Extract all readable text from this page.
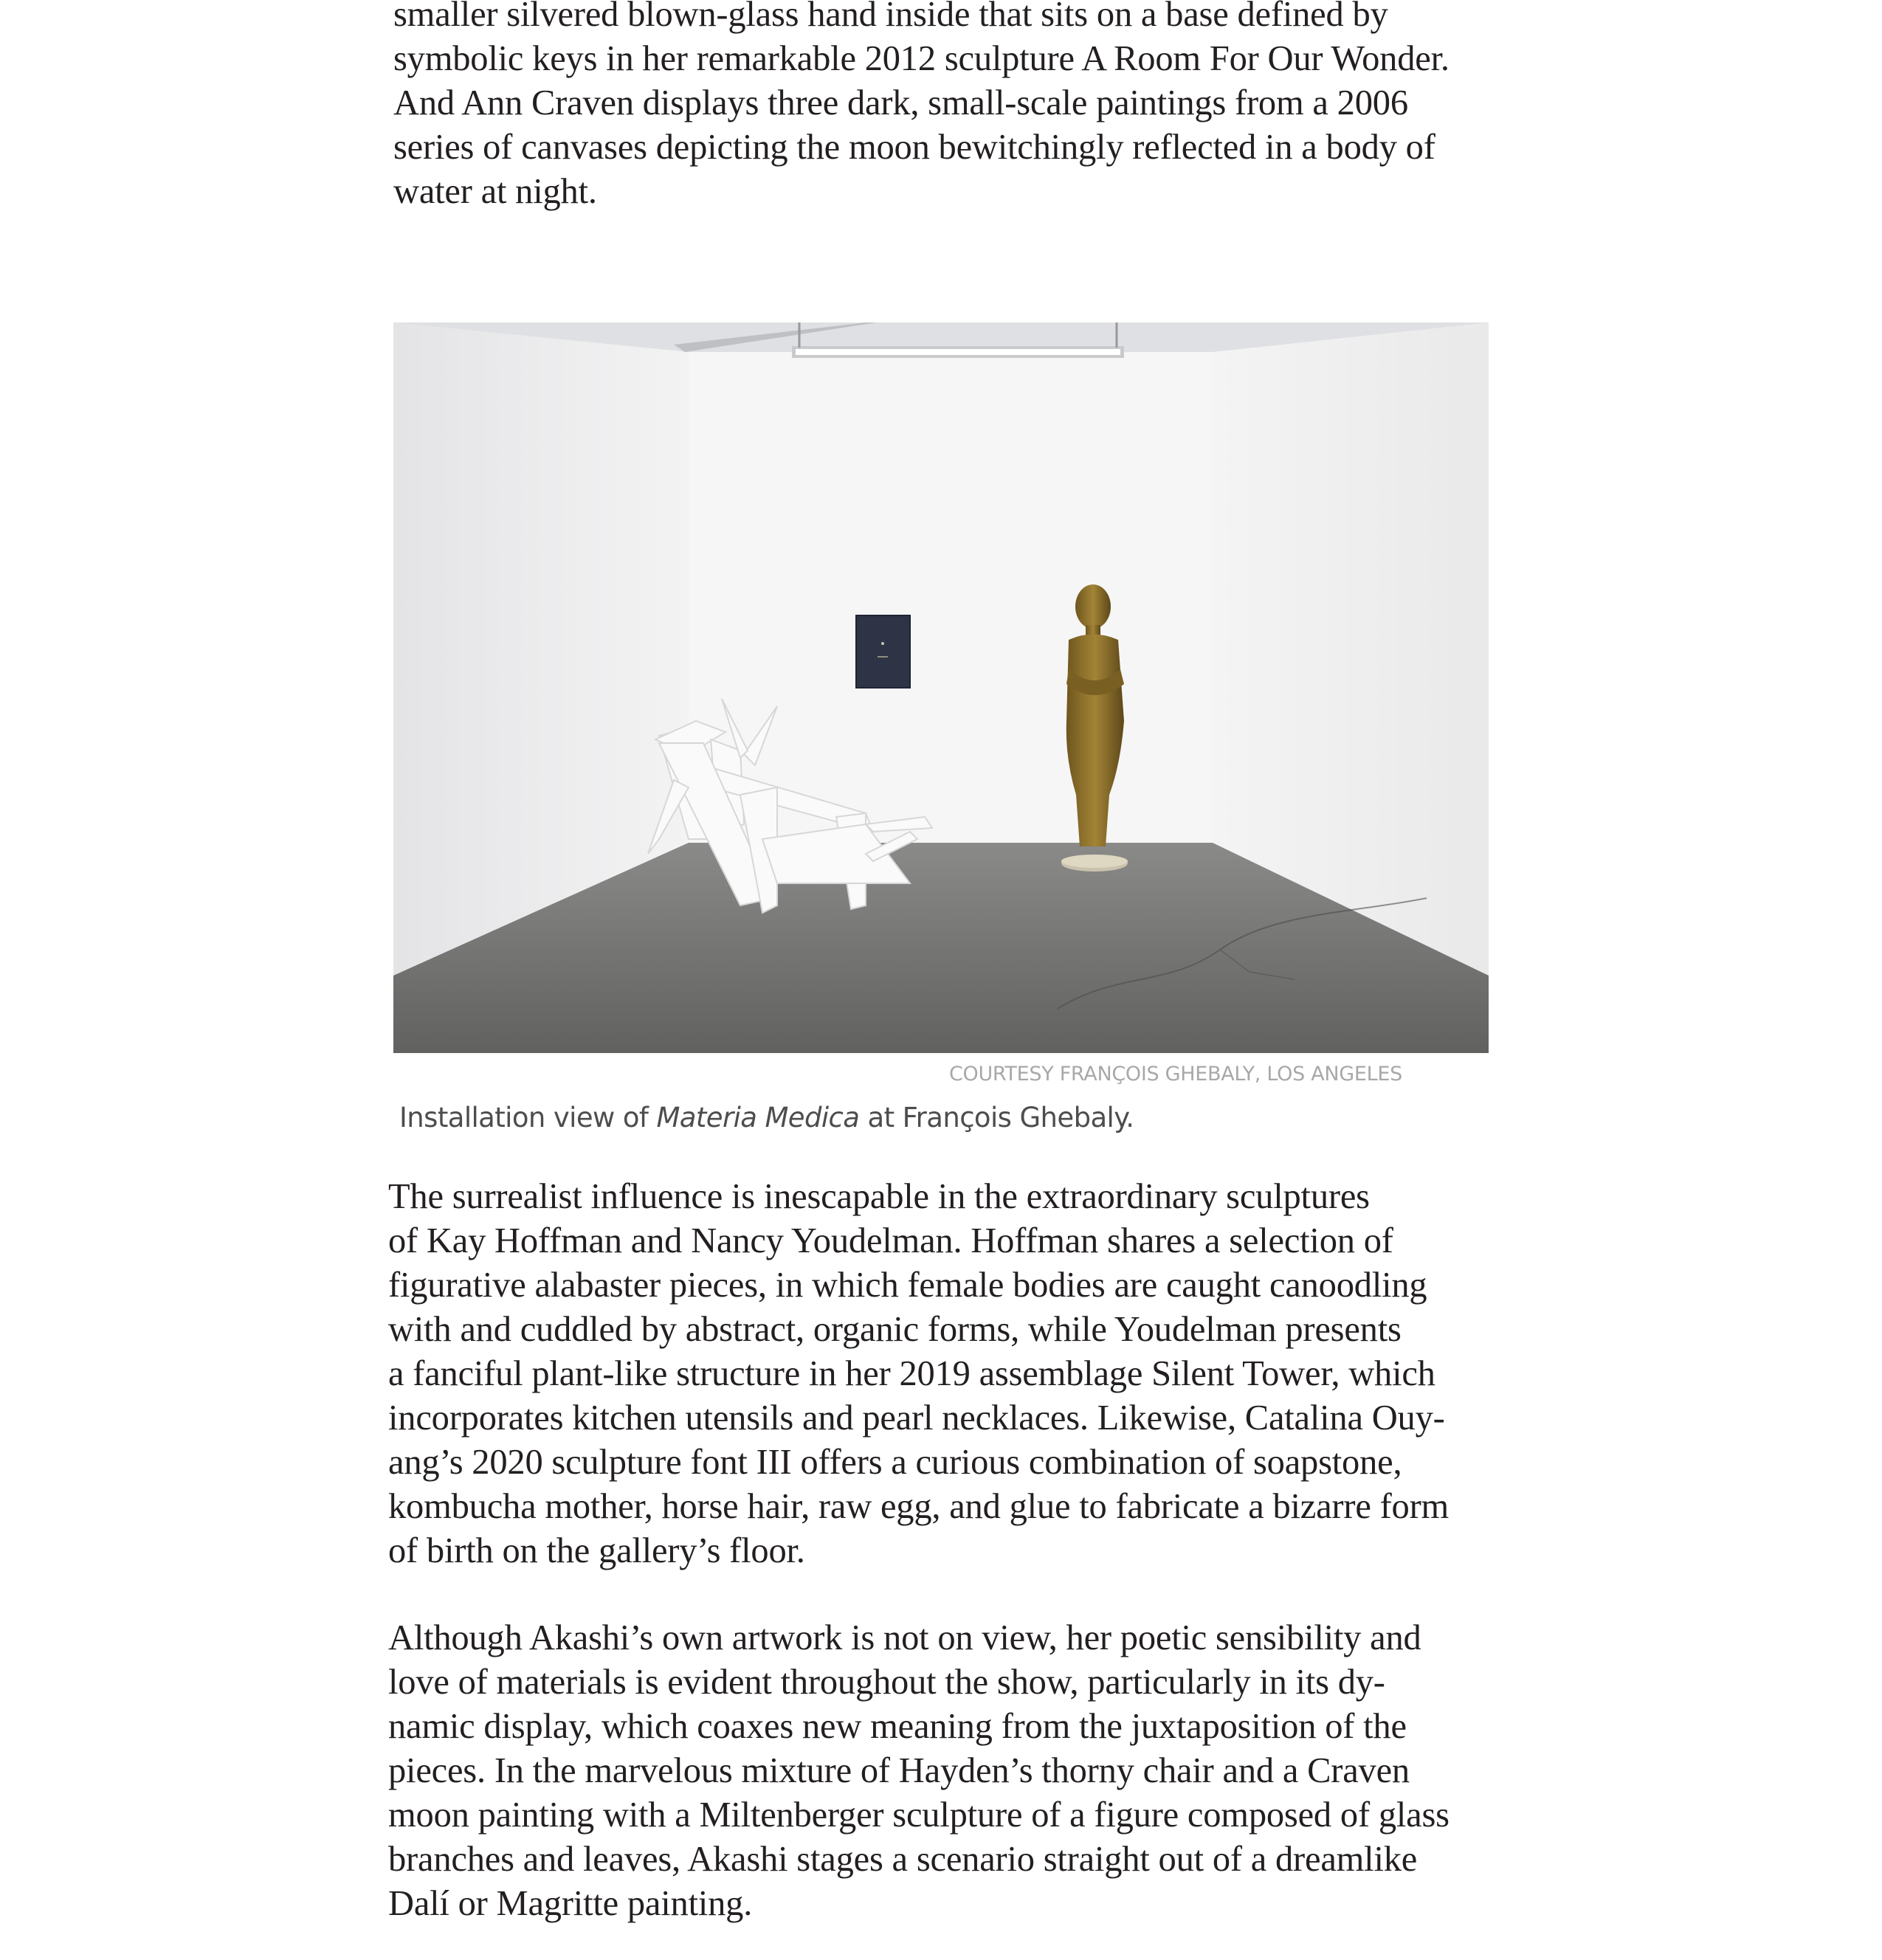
smaller silvered blown-glass hand inside that sits on a base defined by
symbolic keys in her remarkable 2012 sculpture A Room For Our Wonder.
And Ann Craven displays three dark, small-scale paintings from a 2006
series of canvases depicting the moon bewitchingly reflected in a body of
water at night.

COURTESY FRANÇOIS GHEBALY, LOS ANGELES

Installation view of Materia Medica at François Ghebaly.

The surrealist influence is inescapable in the extraordinary sculptures
of Kay Hoffman and Nancy Youdelman. Hoffman shares a selection of
figurative alabaster pieces, in which female bodies are caught canoodling
with and cuddled by abstract, organic forms, while Youdelman presents
a fanciful plant-like structure in her 2019 assemblage Silent Tower, which
incorporates kitchen utensils and pearl necklaces. Likewise, Catalina Ouy-
ang’s 2020 sculpture font III offers a curious combination of soapstone,
kombucha mother, horse hair, raw egg, and glue to fabricate a bizarre form
of birth on the gallery’s floor.

Although Akashi’s own artwork is not on view, her poetic sensibility and
love of materials is evident throughout the show, particularly in its dy-
namic display, which coaxes new meaning from the juxtaposition of the
pieces. In the marvelous mixture of Hayden’s thorny chair and a Craven
moon painting with a Miltenberger sculpture of a figure composed of glass
branches and leaves, Akashi stages a scenario straight out of a dreamlike
Dalí or Magritte painting.
